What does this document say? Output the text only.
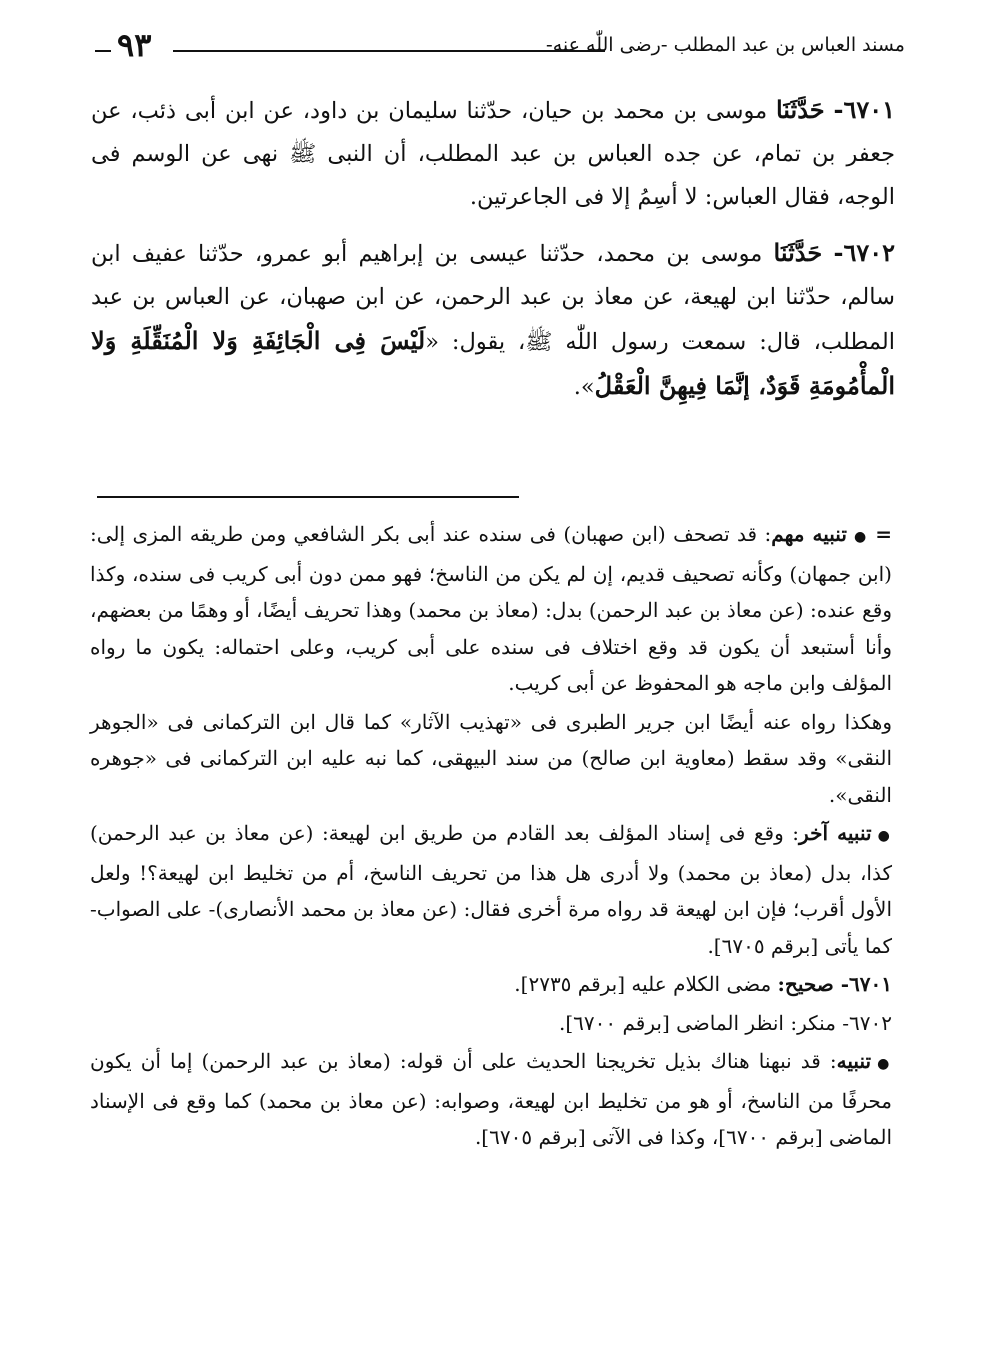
مسند العباس بن عبد المطلب -رضى اللّٰه عنه-
٩٣

٦٧٠١- حَدَّثَنَا موسى بن محمد بن حيان، حدّثنا سليمان بن داود، عن ابن أبى ذئب، عن جعفر بن تمام، عن جده العباس بن عبد المطلب، أن النبى ﷺ نهى عن الوسم فى الوجه، فقال العباس: لا أسِمُ إلا فى الجاعرتين.

٦٧٠٢- حَدَّثَنَا موسى بن محمد، حدّثنا عيسى بن إبراهيم أبو عمرو، حدّثنا عفيف ابن سالم، حدّثنا ابن لهيعة، عن معاذ بن عبد الرحمن، عن ابن صهبان، عن العباس بن عبد المطلب، قال: سمعت رسول اللّٰه ﷺ، يقول: «لَيْسَ فِى الْجَائِفَةِ وَلا الْمُنَقِّلَةِ وَلا الْمأْمُومَةِ قَوَدٌ، إنَّمَا فِيهِنَّ الْعَقْلُ».

=●تنبيه مهم: قد تصحف (ابن صهبان) فى سنده عند أبى بكر الشافعي ومن طريقه المزى إلى: (ابن جمهان) وكأنه تصحيف قديم، إن لم يكن من الناسخ؛ فهو ممن دون أبى كريب فى سنده، وكذا وقع عنده: (عن معاذ بن عبد الرحمن) بدل: (معاذ بن محمد) وهذا تحريف أيضًا، أو وهمًا من بعضهم، وأنا أستبعد أن يكون قد وقع اختلاف فى سنده على أبى كريب، وعلى احتماله: يكون ما رواه المؤلف وابن ماجه هو المحفوظ عن أبى كريب.

وهكذا رواه عنه أيضًا ابن جرير الطبرى فى «تهذيب الآثار» كما قال ابن التركمانى فى «الجوهر النقى» وقد سقط (معاوية ابن صالح) من سند البيهقى، كما نبه عليه ابن التركمانى فى «جوهره النقى».

●تنبيه آخر: وقع فى إسناد المؤلف بعد القادم من طريق ابن لهيعة: (عن معاذ بن عبد الرحمن) كذا، بدل (معاذ بن محمد) ولا أدرى هل هذا من تحريف الناسخ، أم من تخليط ابن لهيعة؟! ولعل الأول أقرب؛ فإن ابن لهيعة قد رواه مرة أخرى فقال: (عن معاذ بن محمد الأنصارى)- على الصواب- كما يأتى [برقم ٦٧٠٥].

٦٧٠١- صحيح: مضى الكلام عليه [برقم ٢٧٣٥].

٦٧٠٢- منكر: انظر الماضى [برقم ٦٧٠٠].

●تنبيه: قد نبهنا هناك بذيل تخريجنا الحديث على أن قوله: (معاذ بن عبد الرحمن) إما أن يكون محرفًا من الناسخ، أو هو من تخليط ابن لهيعة، وصوابه: (عن معاذ بن محمد) كما وقع فى الإسناد الماضى [برقم ٦٧٠٠]، وكذا فى الآتى [برقم ٦٧٠٥].
